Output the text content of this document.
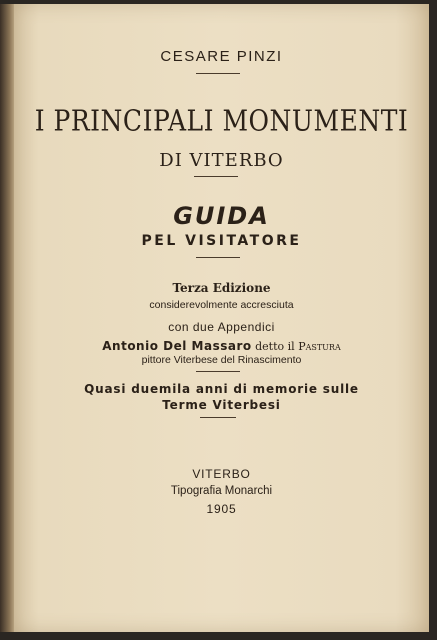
CESARE PINZI
I PRINCIPALI MONUMENTI
DI VITERBO
GUIDA
PEL VISITATORE
Terza Edizione
considerevolmente accresciuta
con due Appendici
Antonio Del Massaro detto il Pastura
pittore Viterbese del Rinascimento
Quasi duemila anni di memorie sulle
Terme Viterbesi
VITERBO
Tipografia Monarchi
1905
